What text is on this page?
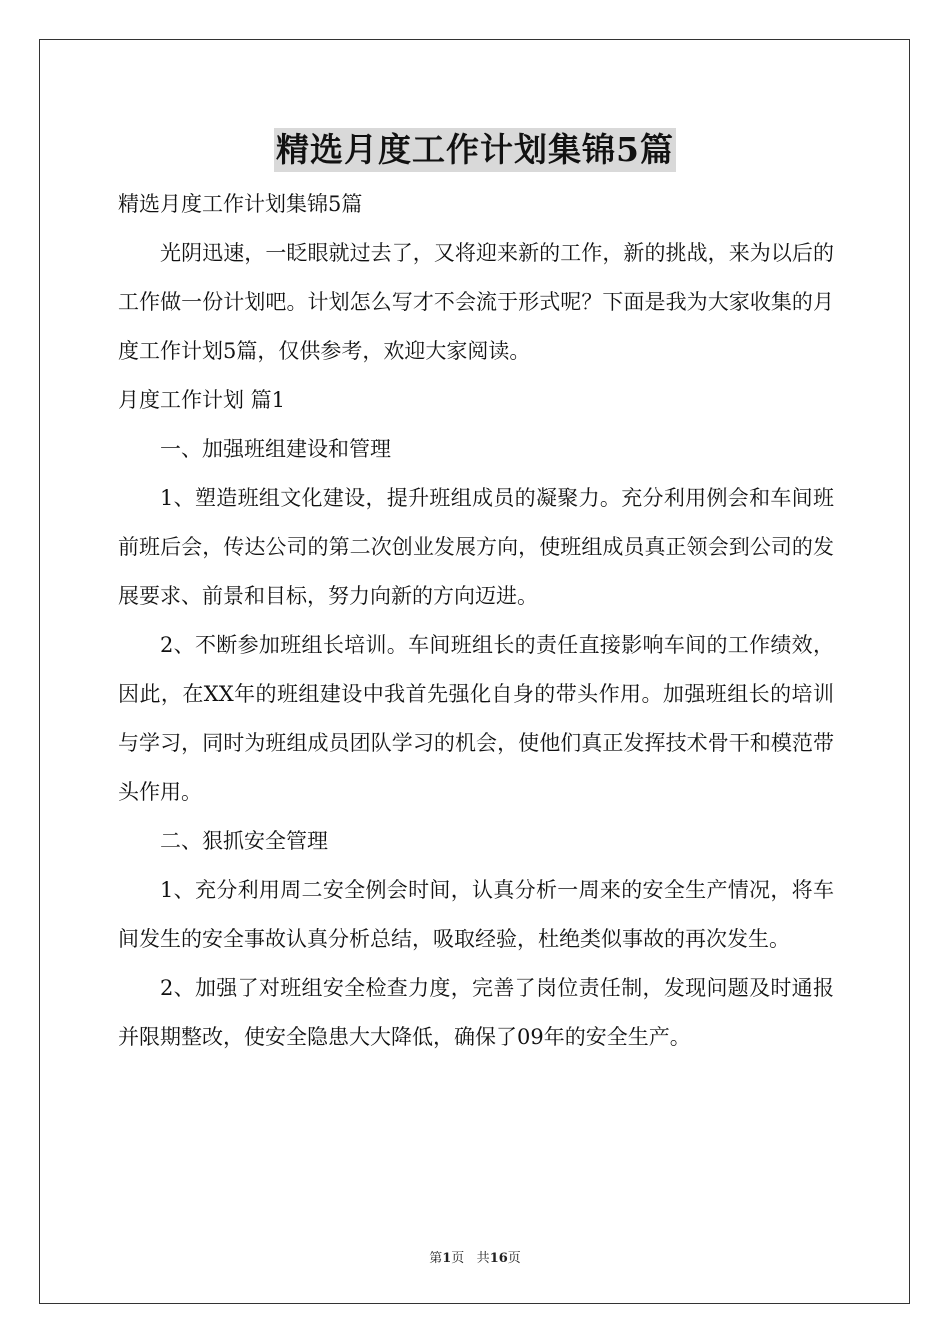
精选月度工作计划集锦5篇

精选月度工作计划集锦5篇

光阴迅速，一眨眼就过去了，又将迎来新的工作，新的挑战，来为以后的工作做一份计划吧。计划怎么写才不会流于形式呢？下面是我为大家收集的月度工作计划5篇，仅供参考，欢迎大家阅读。

月度工作计划 篇1

一、加强班组建设和管理

1、塑造班组文化建设，提升班组成员的凝聚力。充分利用例会和车间班前班后会，传达公司的第二次创业发展方向，使班组成员真正领会到公司的发展要求、前景和目标，努力向新的方向迈进。

2、不断参加班组长培训。车间班组长的责任直接影响车间的工作绩效，因此，在XX年的班组建设中我首先强化自身的带头作用。加强班组长的培训与学习，同时为班组成员团队学习的机会，使他们真正发挥技术骨干和模范带头作用。

二、狠抓安全管理

1、充分利用周二安全例会时间，认真分析一周来的安全生产情况，将车间发生的安全事故认真分析总结，吸取经验，杜绝类似事故的再次发生。

2、加强了对班组安全检查力度，完善了岗位责任制，发现问题及时通报并限期整改，使安全隐患大大降低，确保了09年的安全生产。

第1页 共16页
